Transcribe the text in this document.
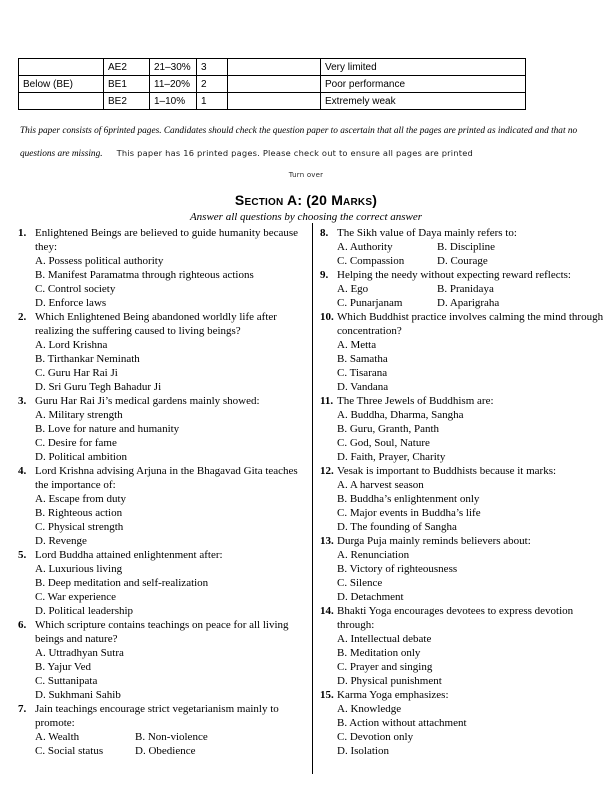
	AE2	21–30%	3		Very limited
Below (BE)	BE1	11–20%	2		Poor performance
	BE2	1–10%	1		Extremely weak
This paper consists of 6printed pages. Candidates should check the question paper to ascertain that all the pages are printed as indicated and that no questions are missing. This paper has 16 printed pages. Please check out to ensure all pages are printed
Turn over
Section A: (20 Marks)
Answer all questions by choosing the correct answer
1. Enlightened Beings are believed to guide humanity because they:
A. Possess political authority
B. Manifest Paramatma through righteous actions
C. Control society
D. Enforce laws
2. Which Enlightened Being abandoned worldly life after realizing the suffering caused to living beings?
A. Lord Krishna
B. Tirthankar Neminath
C. Guru Har Rai Ji
D. Sri Guru Tegh Bahadur Ji
3. Guru Har Rai Ji’s medical gardens mainly showed:
A. Military strength
B. Love for nature and humanity
C. Desire for fame
D. Political ambition
4. Lord Krishna advising Arjuna in the Bhagavad Gita teaches the importance of:
A. Escape from duty
B. Righteous action
C. Physical strength
D. Revenge
5. Lord Buddha attained enlightenment after:
A. Luxurious living
B. Deep meditation and self-realization
C. War experience
D. Political leadership
6. Which scripture contains teachings on peace for all living beings and nature?
A. Uttradhyan Sutra
B. Yajur Ved
C. Suttanipata
D. Sukhmani Sahib
7. Jain teachings encourage strict vegetarianism mainly to promote:
A. Wealth	B. Non-violence
C. Social status	D. Obedience
8. The Sikh value of Daya mainly refers to:
A. Authority	B. Discipline
C. Compassion	D. Courage
9. Helping the needy without expecting reward reflects:
A. Ego	B. Pranidaya
C. Punarjanam	D. Aparigraha
10. Which Buddhist practice involves calming the mind through concentration?
A. Metta
B. Samatha
C. Tisarana
D. Vandana
11. The Three Jewels of Buddhism are:
A. Buddha, Dharma, Sangha
B. Guru, Granth, Panth
C. God, Soul, Nature
D. Faith, Prayer, Charity
12. Vesak is important to Buddhists because it marks:
A. A harvest season
B. Buddha’s enlightenment only
C. Major events in Buddha’s life
D. The founding of Sangha
13. Durga Puja mainly reminds believers about:
A. Renunciation
B. Victory of righteousness
C. Silence
D. Detachment
14. Bhakti Yoga encourages devotees to express devotion through:
A. Intellectual debate
B. Meditation only
C. Prayer and singing
D. Physical punishment
15. Karma Yoga emphasizes:
A. Knowledge
B. Action without attachment
C. Devotion only
D. Isolation
